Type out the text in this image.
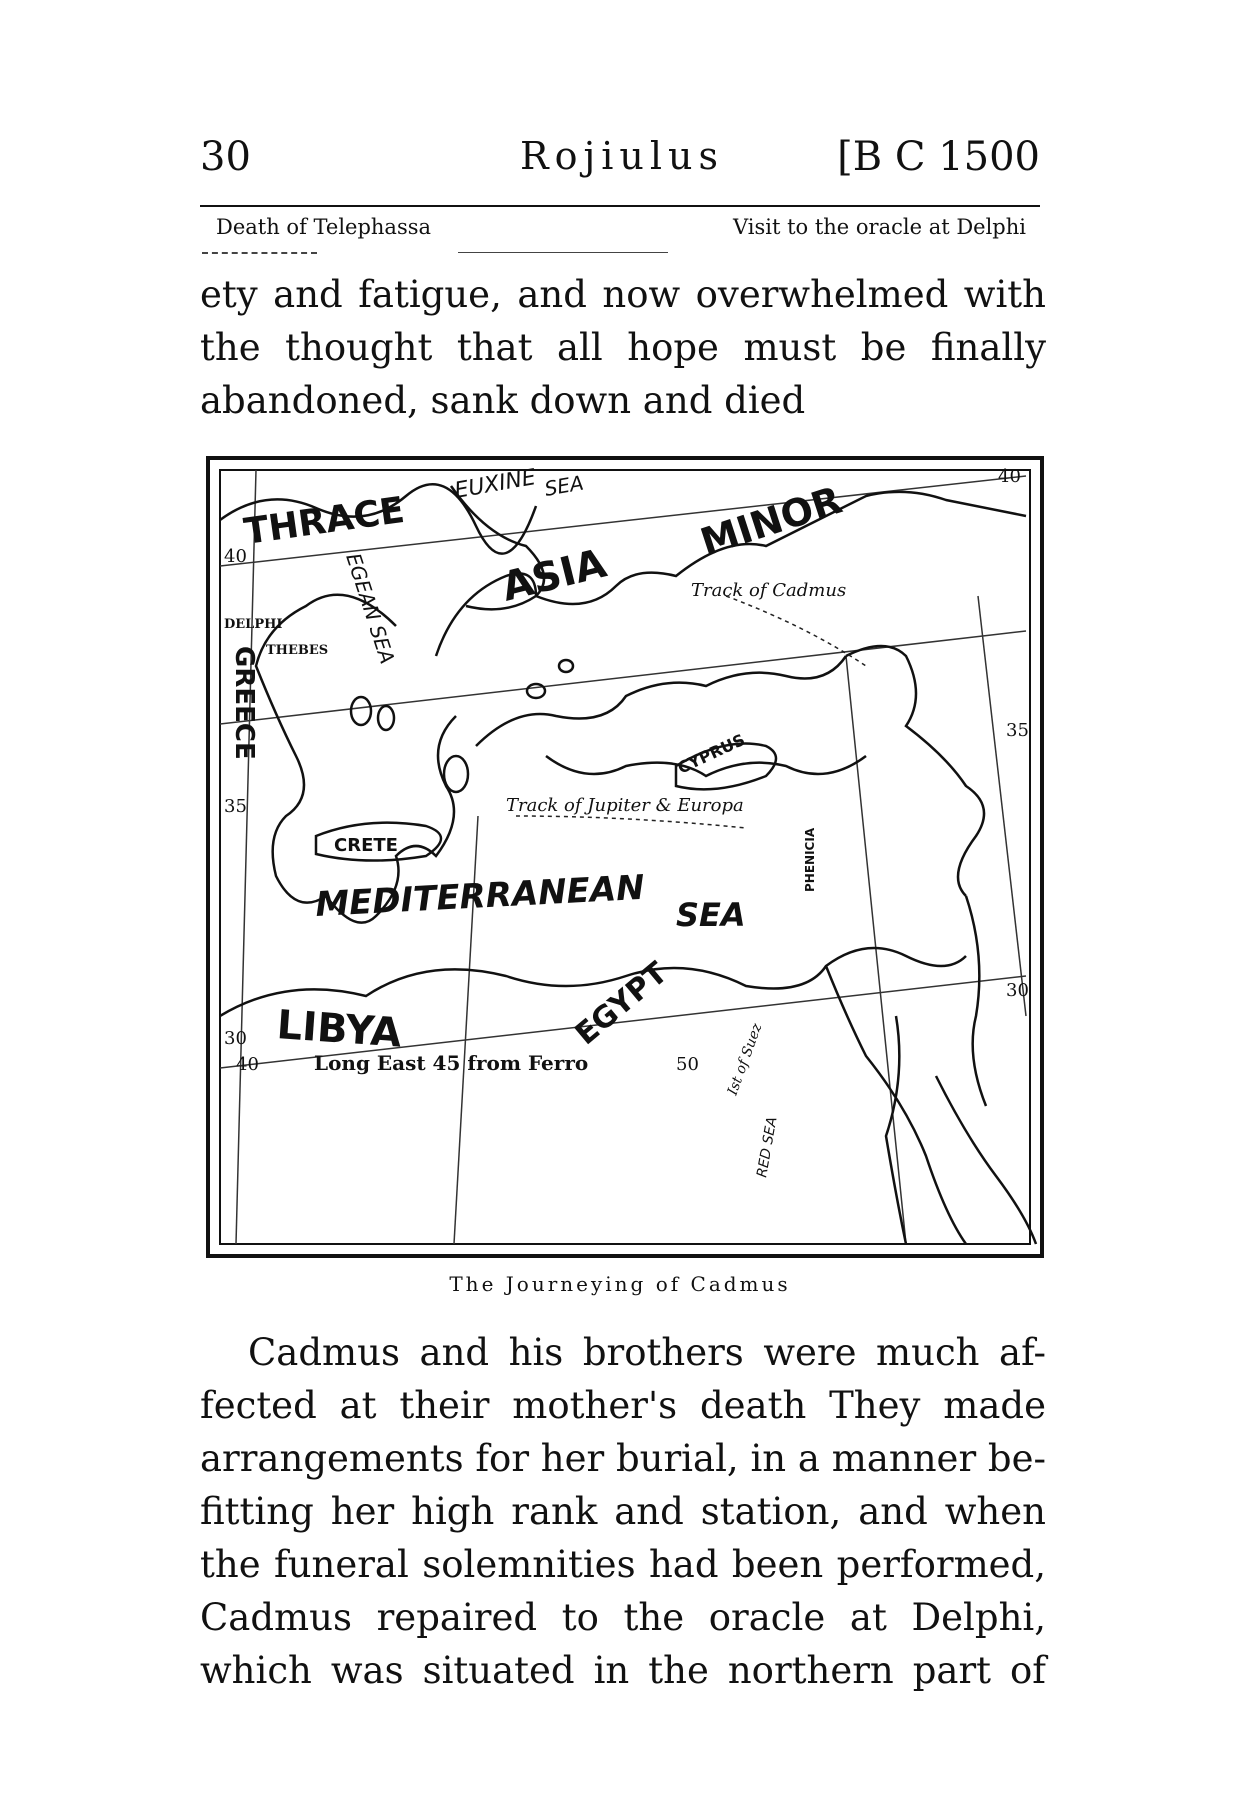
30	Rojiulus	[B C 1500
Death of Telephassa	Visit to the oracle at Delphi
ety and fatigue, and now overwhelmed with
the thought that all hope must be finally
abandoned, sank down and died
THRACE
ASIA
MINOR
GREECE
CRETE
CYPRUS
LIBYA	EGYPT
PHENICIA
EUXINE SEA
EGEAN SEA
MEDITERRANEAN SEA
RED SEA
DELPHI
THEBES
Track of Cadmus
Track of Jupiter & Europa
Ist of Suez
40
40
35
35
30
30
40	50
Long East 45 from Ferro
The Journeying of Cadmus
Cadmus and his brothers were much af-
fected at their mother's death They made
arrangements for her burial, in a manner be-
fitting her high rank and station, and when
the funeral solemnities had been performed,
Cadmus repaired to the oracle at Delphi,
which was situated in the northern part of
